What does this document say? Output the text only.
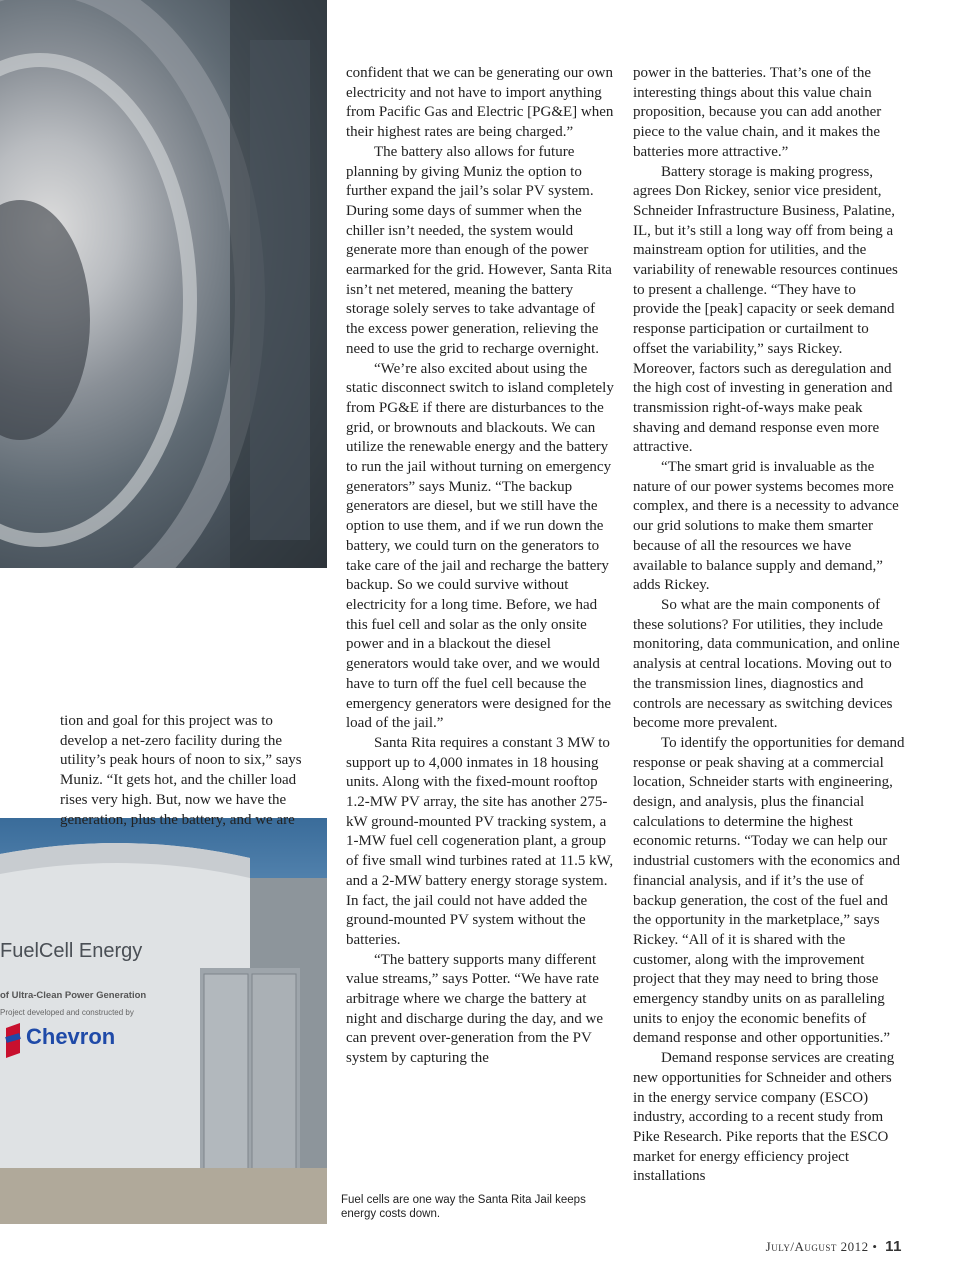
FuelCell Energy
of Ultra-Clean Power Generation
Project developed and constructed by
Chevron

tion and goal for this project was to develop a net-zero facility during the utility’s peak hours of noon to six,” says Muniz. “It gets hot, and the chiller load rises very high. But, now we have the generation, plus the battery, and we are

confident that we can be generating our own electricity and not have to import anything from Pacific Gas and Electric [PG&E] when their highest rates are being charged.”

The battery also allows for future planning by giving Muniz the option to further expand the jail’s solar PV system. During some days of summer when the chiller isn’t needed, the system would generate more than enough of the power earmarked for the grid. However, Santa Rita isn’t net metered, meaning the battery storage solely serves to take advantage of the excess power generation, relieving the need to use the grid to recharge overnight.

“We’re also excited about using the static disconnect switch to island completely from PG&E if there are disturbances to the grid, or brownouts and blackouts. We can utilize the renewable energy and the battery to run the jail without turning on emergency generators” says Muniz. “The backup generators are diesel, but we still have the option to use them, and if we run down the battery, we could turn on the generators to take care of the jail and recharge the battery backup. So we could survive without electricity for a long time. Before, we had this fuel cell and solar as the only onsite power and in a blackout the diesel generators would take over, and we would have to turn off the fuel cell because the emergency generators were designed for the load of the jail.”

Santa Rita requires a constant 3 MW to support up to 4,000 inmates in 18 housing units. Along with the fixed-mount rooftop 1.2-MW PV array, the site has another 275-kW ground-mounted PV tracking system, a 1-MW fuel cell cogeneration plant, a group of five small wind turbines rated at 11.5 kW, and a 2-MW battery energy storage system. In fact, the jail could not have added the ground-mounted PV system without the batteries.

“The battery supports many different value streams,” says Potter. “We have rate arbitrage where we charge the battery at night and discharge during the day, and we can prevent over-generation from the PV system by capturing the

Fuel cells are one way the Santa Rita Jail keeps energy costs down.

power in the batteries. That’s one of the interesting things about this value chain proposition, because you can add another piece to the value chain, and it makes the batteries more attractive.”

Battery storage is making progress, agrees Don Rickey, senior vice president, Schneider Infrastructure Business, Palatine, IL, but it’s still a long way off from being a mainstream option for utilities, and the variability of renewable resources continues to present a challenge. “They have to provide the [peak] capacity or seek demand response participation or curtailment to offset the variability,” says Rickey. Moreover, factors such as deregulation and the high cost of investing in generation and transmission right-of-ways make peak shaving and demand response even more attractive.

“The smart grid is invaluable as the nature of our power systems becomes more complex, and there is a necessity to advance our grid solutions to make them smarter because of all the resources we have available to balance supply and demand,” adds Rickey.

So what are the main components of these solutions? For utilities, they include monitoring, data communication, and online analysis at central locations. Moving out to the transmission lines, diagnostics and controls are necessary as switching devices become more prevalent.

To identify the opportunities for demand response or peak shaving at a commercial location, Schneider starts with engineering, design, and analysis, plus the financial calculations to determine the highest economic returns. “Today we can help our industrial customers with the economics and financial analysis, and if it’s the use of backup generation, the cost of the fuel and the opportunity in the marketplace,” says Rickey. “All of it is shared with the customer, along with the improvement project that they may need to bring those emergency standby units on as paralleling units to enjoy the economic benefits of demand response and other opportunities.”

Demand response services are creating new opportunities for Schneider and others in the energy service company (ESCO) industry, according to a recent study from Pike Research. Pike reports that the ESCO market for energy efficiency project installations

July/August 2012 • 11
